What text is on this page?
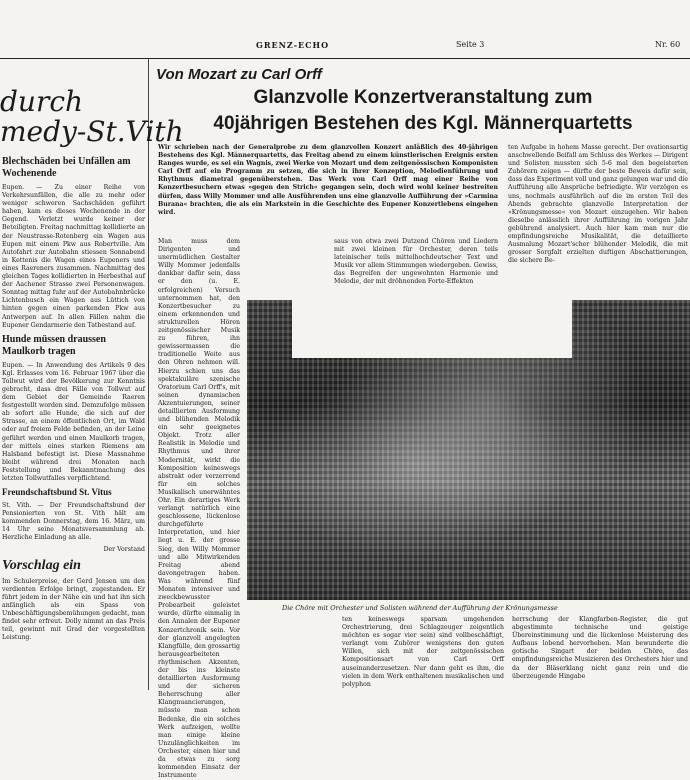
GRENZ-ECHO	Seite 3	Nr. 60
durch
medy-St.Vith
Blechschäden bei Unfällen am Wochenende

Eupen. — Zu einer Reihe von Verkehrsunfällen, die alle zu mehr oder weniger schweren Sachschäden geführt haben, kam es dieses Wochenende in der Gegend. Verletzt wurde keiner der Beteiligten. Freitag nachmittag kollidierte an der Neustrasse-Rotenberg ein Wagen aus Eupen mit einem Pkw aus Robertville. Am Autofahrt zur Autobahn stiessen Sonnabend in Kettenis die Wagen eines Eupeners und eines Raereners zusammen. Nachmittag des gleichen Tages kollidierten in Herbesthal auf der Aachener Strasse zwei Personenwagen. Sonntag mittag fuhr auf der Autobahnbrücke Lichtenbusch ein Wagen aus Lüttich von hinten gegen einen parkenden Pkw aus Antwerpen auf. In allen Fällen nahm die Eupener Gendarmerie den Tatbestand auf.

Hunde müssen draussen Maulkorb tragen

Eupen. — In Anwendung des Artikels 9 des Kgl. Erlasses vom 16. Februar 1967 über die Tollwut wird der Bevölkerung zur Kenntnis gebracht, dass drei Fälle von Tollwut auf dem Gebiet der Gemeinde Raeren festgestellt worden sind. Demzufolge müssen ab sofort alle Hunde, die sich auf der Strasse, an einem öffentlichen Ort, im Wald oder auf freiem Felde befinden, an der Leine geführt werden und einen Maulkorb tragen, der mittels eines starken Riemens am Halsband befestigt ist. Diese Massnahme bleibt während drei Monaten nach Feststellung und Bekanntmachung des letzten Tollwutfalles verpflichtend.

Freundschaftsbund St. Vitus

St. Vith. — Der Freundschaftsbund der Pensionierten von St. Vith hält am kommenden Donnerstag, dem 16. März, um 14 Uhr seine Monatsversammlung ab. Herzliche Einladung an alle.

Der Vorstand

Vorschlag ein

Im Schulerpreise, der Gerd Jensen um den verdienten Erfolge bringt, zugestanden. Er führt jedem in der Nähe ein und hat ihn sich anfänglich als ein Spass von Unbeschäftigungsbemühungen gedacht, man findet sehr erfreut. Dolly nimmt an das Preis teil, gewinnt mit Grad der vorgestellten Leistung.

Von Mozart zu Carl Orff
Glanzvolle Konzertveranstaltung zum
40jährigen Bestehen des Kgl. Männerquartetts
Wir schrieben nach der Generalprobe zu dem glanzvollen Konzert anläßlich des 40-jährigen Bestehens des Kgl. Männerquartetts, das Freitag abend zu einem künstlerischen Ereignis ersten Ranges wurde, es sei ein Wagnis, zwei Werke von Mozart und dem zeitgenössischen Komponisten Carl Orff auf ein Programm zu setzen, die sich in ihrer Konzeption, Melodienführung und Rhythmus diametral gegenüberstehen. Das Werk von Carl Orff mag einer Reihe von Konzertbesuchern etwas »gegen den Strich« gegangen sein, doch wird wohl keiner bestreiten dürfen, dass Willy Mommer und alle Ausführenden uns eine glanzvolle Aufführung der »Carmina Burana« brachten, die als ein Markstein in die Geschichte des Eupener Konzertlebens eingehen wird.
Man muss dem Dirigenten und unermüdlichen Gestalter Willy Mommer jedenfalls dankbar dafür sein, dass er den (u. E. erfolgreichen) Versuch unternommen hat, den Konzertbesucher zu einem erkennenden und strukturellen Hören zeitgenössischer Musik zu führen, ihn gewissermassen die traditionelle Weite aus den Ohren nehmen will. Hierzu schien uns das spektakuläre szenische Oratorium Carl Orff's, mit seinen dynamischen Akzentuierungen, seiner detaillierten Ausformung und blühenden Melodik ein sehr geeignetes Objekt. Trotz aller Realistik in Melodie und Rhythmus und ihrer Modernität, wirkt die Komposition keineswegs abstrakt oder verzerrend für ein solches Musikalisch unerwähntes Ohr. Ein derartiges Werk verlangt natürlich eine geschlossene, lückenlose durchgeführte Interpretation, und hier liegt u. E. der grosse Sieg, den Willy Mommer und alle Mitwirkenden Freitag abend davongetragen haben. Was während fünf Monaten intensiver und zweckbewusster Probearbeit geleistet wurde, dürfte einmalig in den Annalen der Eupener Konzertchronik sein. Vor der glanzvoll angelegten Klangfülle, den grossartig herausgearbeiteten rhythmischen Akzenten, der bis ins kleinste detaillierten Ausformung und der sicheren Beherrschung aller Klangnuancierungen, müsste man schon Bedenke, die ein solches Werk aufzeigen, wollte man einige kleine Unzulänglichkeiten im Orchester, einen hier und da etwas zu sorg kommenden Einsatz der Instrumente
saus von etwa zwei Dutzend Chören und Liedern mit zwei kleinen für Orchester, deren teils lateinischer teils mittelhochdeutscher Text und Musik vor allem Stimmungen wiedergeben. Gewiss, das Begreifen der ungewohnten Harmonie und Melodie, der mit dröhnenden Forte-Effekten
ten Aufgabe in hohem Masse gerecht. Der ovationsartig anschwellende Beifall am Schluss des Werkes — Dirigent und Solisten mussten sich 5-6 mal den begeisterten Zuhörern zeigen — dürfte der beste Beweis dafür sein, dass das Experiment voll und ganz gelungen war und die Aufführung alle Ansprüche befriedigte. Wir verzögen es uns, nochmals ausführlich auf die im ersten Teil des Abends gebrachte glanzvolle Interpretation der »Krönungsmesse« von Mozart einzugehen. Wir haben dieselbe anlässlich ihrer Aufführung im vorigen Jahr gebührend analysiert. Auch hier kam man nur die empfindungsreiche Musikalität, die detaillierte Ausmalung Mozart'scher blühender Melodik, die mit grosser Sorgfalt erzielten duftigen Abschattierungen, die sichere Be-
Die Chöre mit Orchester und Solisten während der Aufführung der Krönungsmesse
ten keineswegs sparsam umgehenden Orchestrierung, drei Schlagzeuger zeigentlich möchten es sogar vier sein) sind vollbeschäftigt, verlangt vom Zuhörer wenigstens den guten Willen, sich mit der zeitgenössischen Kompositionsart von Carl Orff auseinanderzusetzen. Nur dann geht es ihm, die vielen in dem Werk enthaltenen musikalischen und polyphon
herrschung der Klangfarben-Register, die gut abgestimmte technische und geistige Übereinstimmung und die lückenlose Meisterung des Aufbaus lobend hervorheben. Man bewunderte die gotische Singart der beiden Chöre, das empfindungsreiche Musizieren des Orchesters hier und da der Bläserklang nicht ganz rein und die überzeugende Hingabe
